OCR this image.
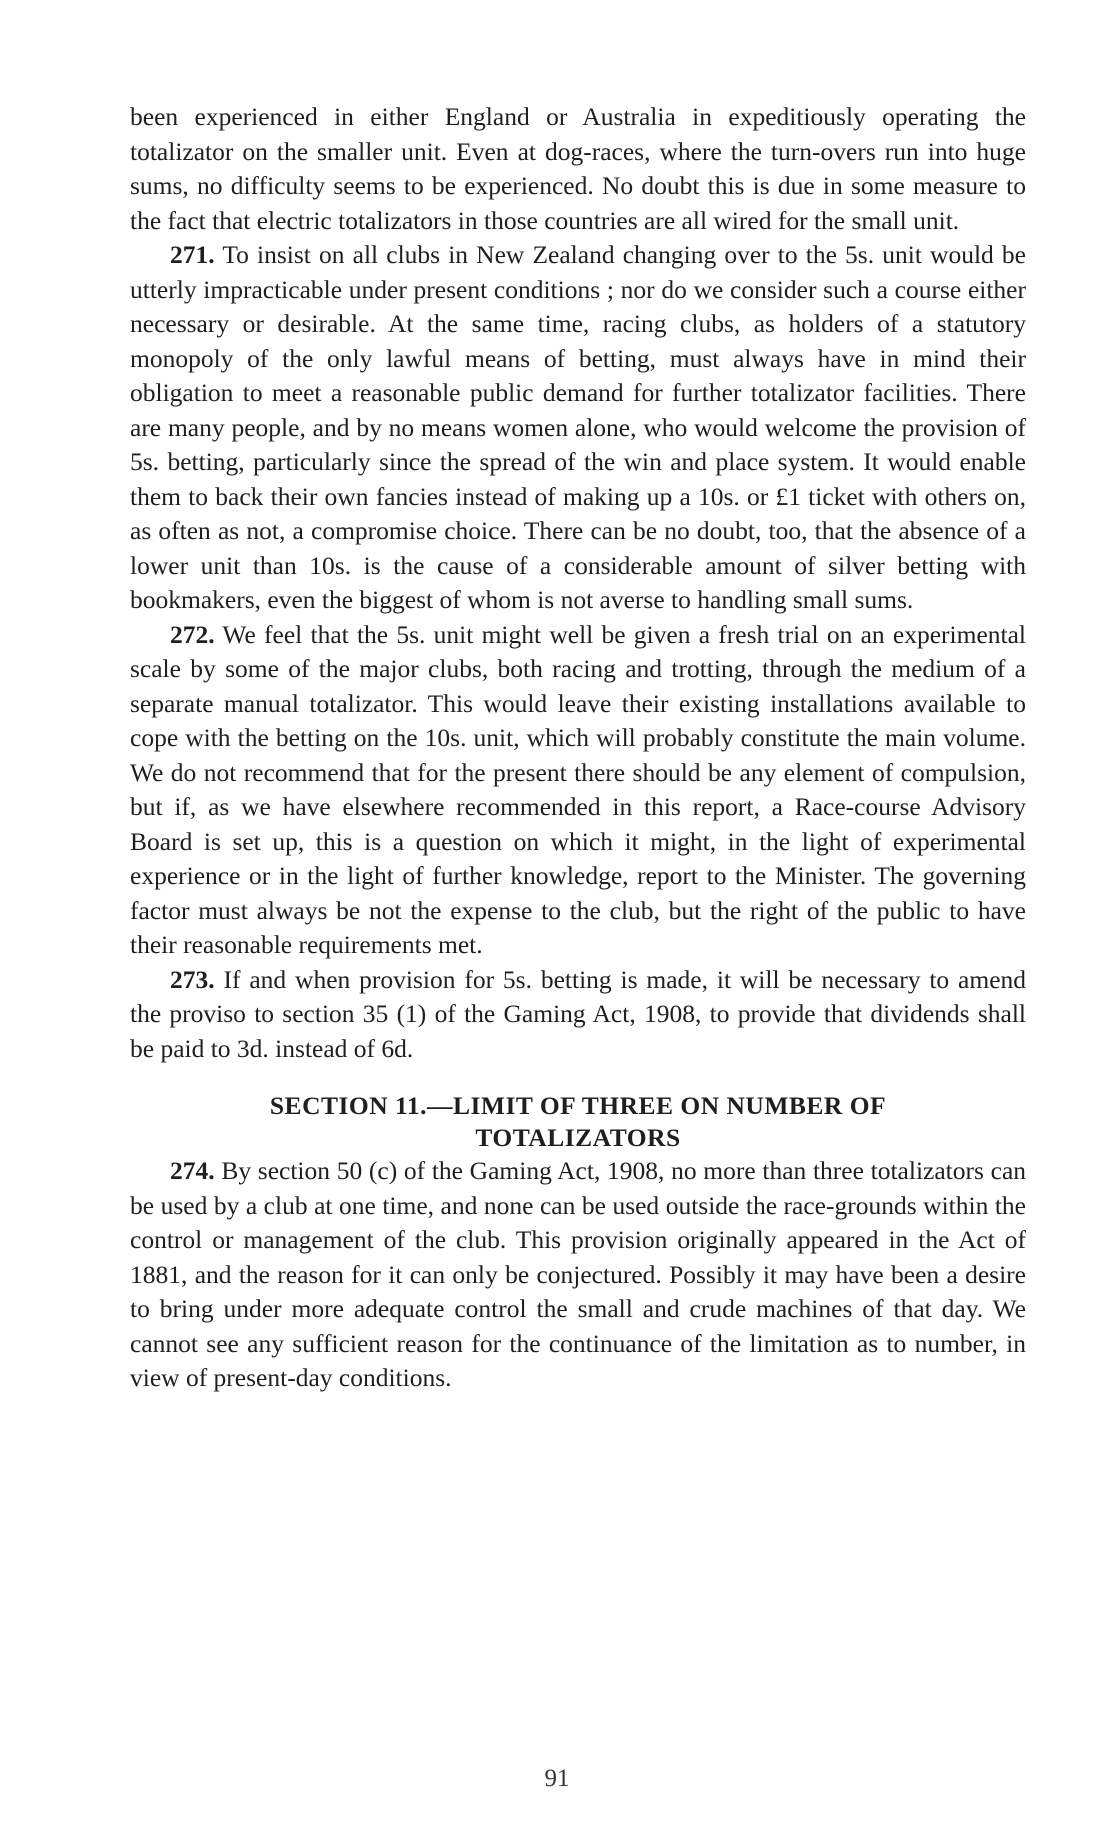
been experienced in either England or Australia in expeditiously operating the totalizator on the smaller unit. Even at dog-races, where the turn-overs run into huge sums, no difficulty seems to be experienced. No doubt this is due in some measure to the fact that electric totalizators in those countries are all wired for the small unit.

271. To insist on all clubs in New Zealand changing over to the 5s. unit would be utterly impracticable under present conditions ; nor do we consider such a course either necessary or desirable. At the same time, racing clubs, as holders of a statutory monopoly of the only lawful means of betting, must always have in mind their obligation to meet a reasonable public demand for further totalizator facilities. There are many people, and by no means women alone, who would welcome the provision of 5s. betting, particularly since the spread of the win and place system. It would enable them to back their own fancies instead of making up a 10s. or £1 ticket with others on, as often as not, a compromise choice. There can be no doubt, too, that the absence of a lower unit than 10s. is the cause of a considerable amount of silver betting with bookmakers, even the biggest of whom is not averse to handling small sums.

272. We feel that the 5s. unit might well be given a fresh trial on an experimental scale by some of the major clubs, both racing and trotting, through the medium of a separate manual totalizator. This would leave their existing installations available to cope with the betting on the 10s. unit, which will probably constitute the main volume. We do not recommend that for the present there should be any element of compulsion, but if, as we have elsewhere recommended in this report, a Race-course Advisory Board is set up, this is a question on which it might, in the light of experimental experience or in the light of further knowledge, report to the Minister. The governing factor must always be not the expense to the club, but the right of the public to have their reasonable requirements met.

273. If and when provision for 5s. betting is made, it will be necessary to amend the proviso to section 35 (1) of the Gaming Act, 1908, to provide that dividends shall be paid to 3d. instead of 6d.

SECTION 11.—LIMIT OF THREE ON NUMBER OF
TOTALIZATORS

274. By section 50 (c) of the Gaming Act, 1908, no more than three totalizators can be used by a club at one time, and none can be used outside the race-grounds within the control or management of the club. This provision originally appeared in the Act of 1881, and the reason for it can only be conjectured. Possibly it may have been a desire to bring under more adequate control the small and crude machines of that day. We cannot see any sufficient reason for the continuance of the limitation as to number, in view of present-day conditions.

91
